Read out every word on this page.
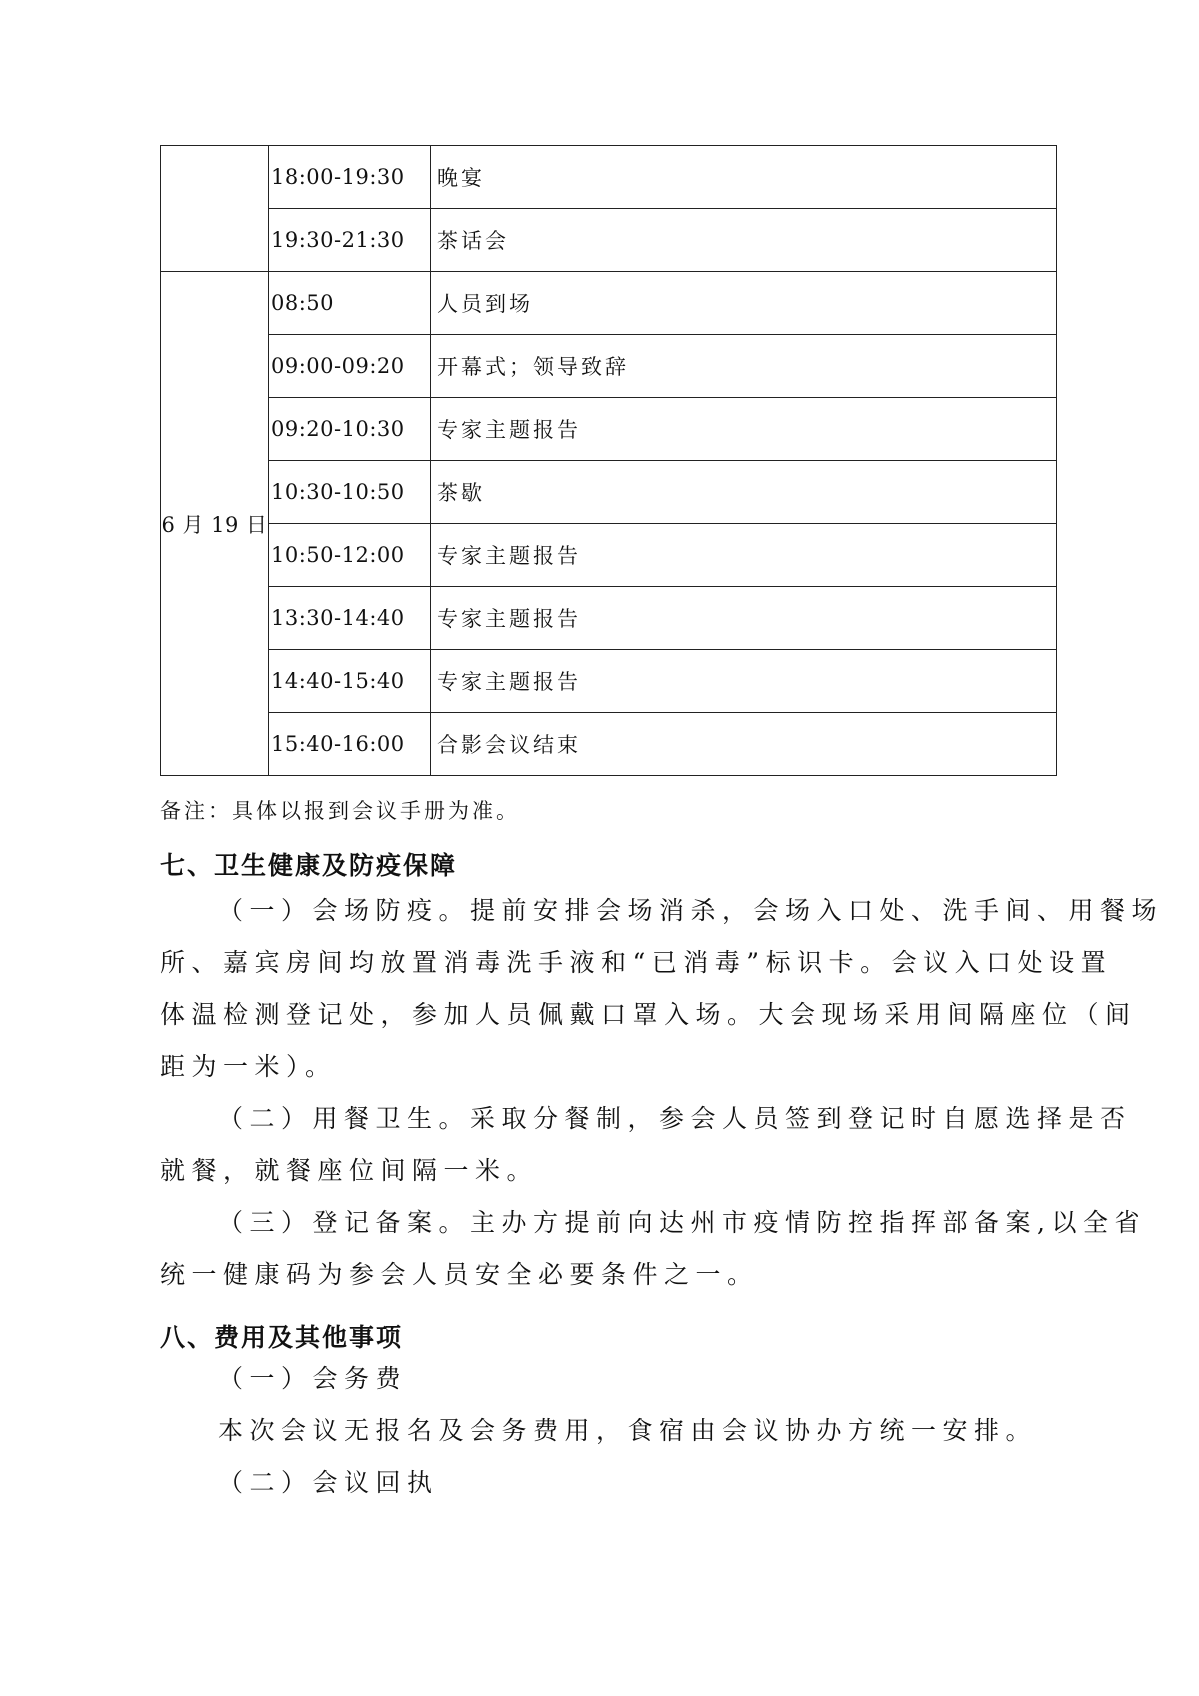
	18:00-19:30	晚宴
	19:30-21:30	茶话会
6 月 19 日	08:50	人员到场
	09:00-09:20	开幕式；领导致辞
	09:20-10:30	专家主题报告
	10:30-10:50	茶歇
	10:50-12:00	专家主题报告
	13:30-14:40	专家主题报告
	14:40-15:40	专家主题报告
	15:40-16:00	合影会议结束

备注：具体以报到会议手册为准。

七、卫生健康及防疫保障

（一）会场防疫。提前安排会场消杀，会场入口处、洗手间、用餐场

所、嘉宾房间均放置消毒洗手液和“已消毒”标识卡。会议入口处设置

体温检测登记处，参加人员佩戴口罩入场。大会现场采用间隔座位（间

距为一米）。

（二）用餐卫生。采取分餐制，参会人员签到登记时自愿选择是否

就餐，就餐座位间隔一米。

（三）登记备案。主办方提前向达州市疫情防控指挥部备案,以全省

统一健康码为参会人员安全必要条件之一。

八、费用及其他事项

（一）会务费

本次会议无报名及会务费用，食宿由会议协办方统一安排。

（二）会议回执
